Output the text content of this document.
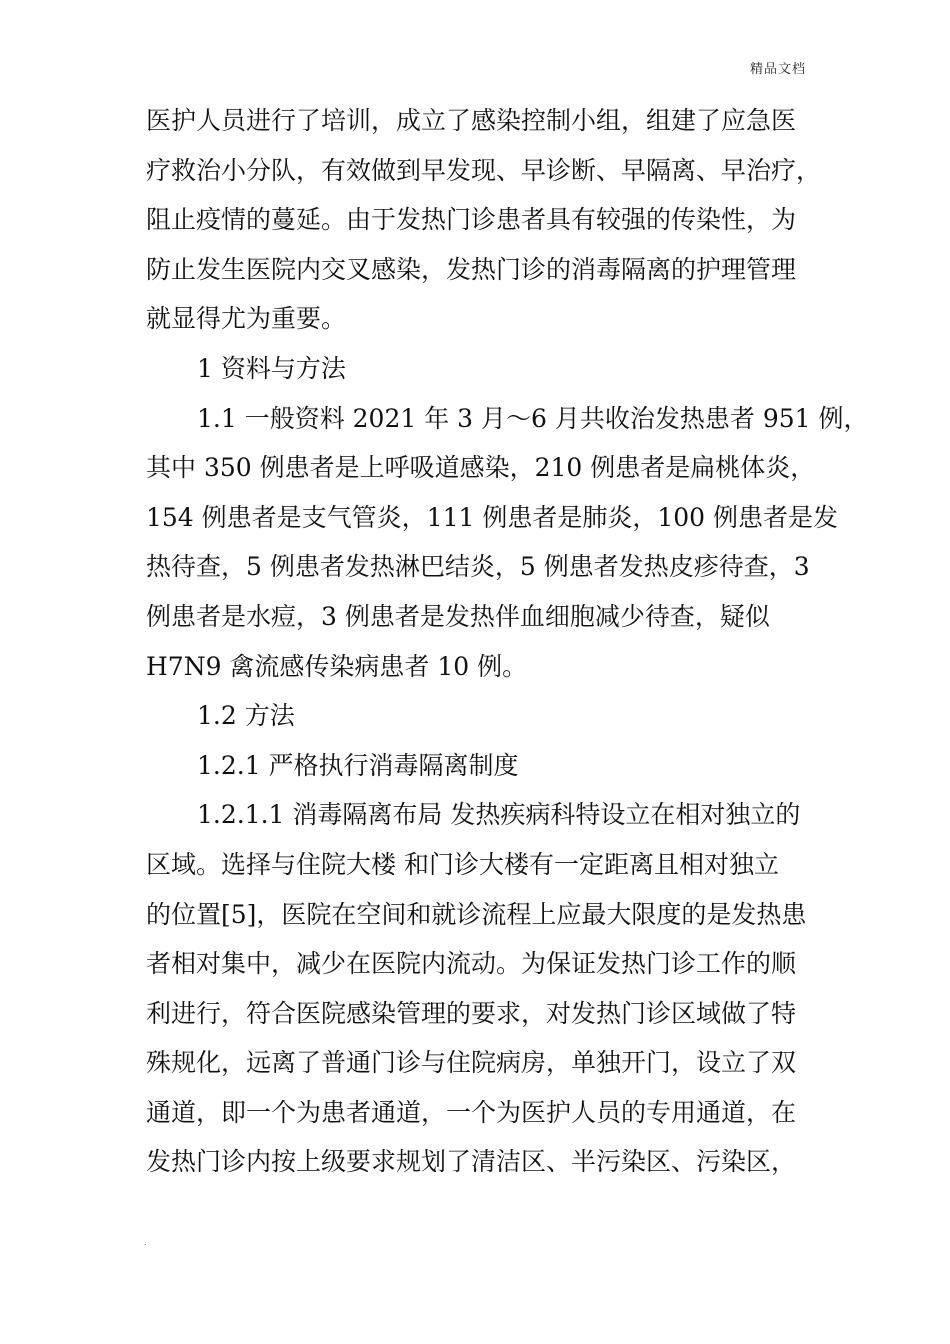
精品文档
医护人员进行了培训，成立了感染控制小组，组建了应急医
疗救治小分队，有效做到早发现、早诊断、早隔离、早治疗，
阻止疫情的蔓延。由于发热门诊患者具有较强的传染性，为
防止发生医院内交叉感染，发热门诊的消毒隔离的护理管理
就显得尤为重要。
1 资料与方法
1.1 一般资料 2021 年 3 月～6 月共收治发热患者 951 例，
其中 350 例患者是上呼吸道感染，210 例患者是扁桃体炎，
154 例患者是支气管炎，111 例患者是肺炎，100 例患者是发
热待查，5 例患者发热淋巴结炎，5 例患者发热皮疹待查，3
例患者是水痘，3 例患者是发热伴血细胞减少待查，疑似
H7N9 禽流感传染病患者 10 例。
1.2 方法
1.2.1 严格执行消毒隔离制度
1.2.1.1 消毒隔离布局 发热疾病科特设立在相对独立的
区域。选择与住院大楼 和门诊大楼有一定距离且相对独立
的位置[5]，医院在空间和就诊流程上应最大限度的是发热患
者相对集中，减少在医院内流动。为保证发热门诊工作的顺
利进行，符合医院感染管理的要求，对发热门诊区域做了特
殊规化，远离了普通门诊与住院病房，单独开门，设立了双
通道，即一个为患者通道，一个为医护人员的专用通道，在
发热门诊内按上级要求规划了清洁区、半污染区、污染区，
.
